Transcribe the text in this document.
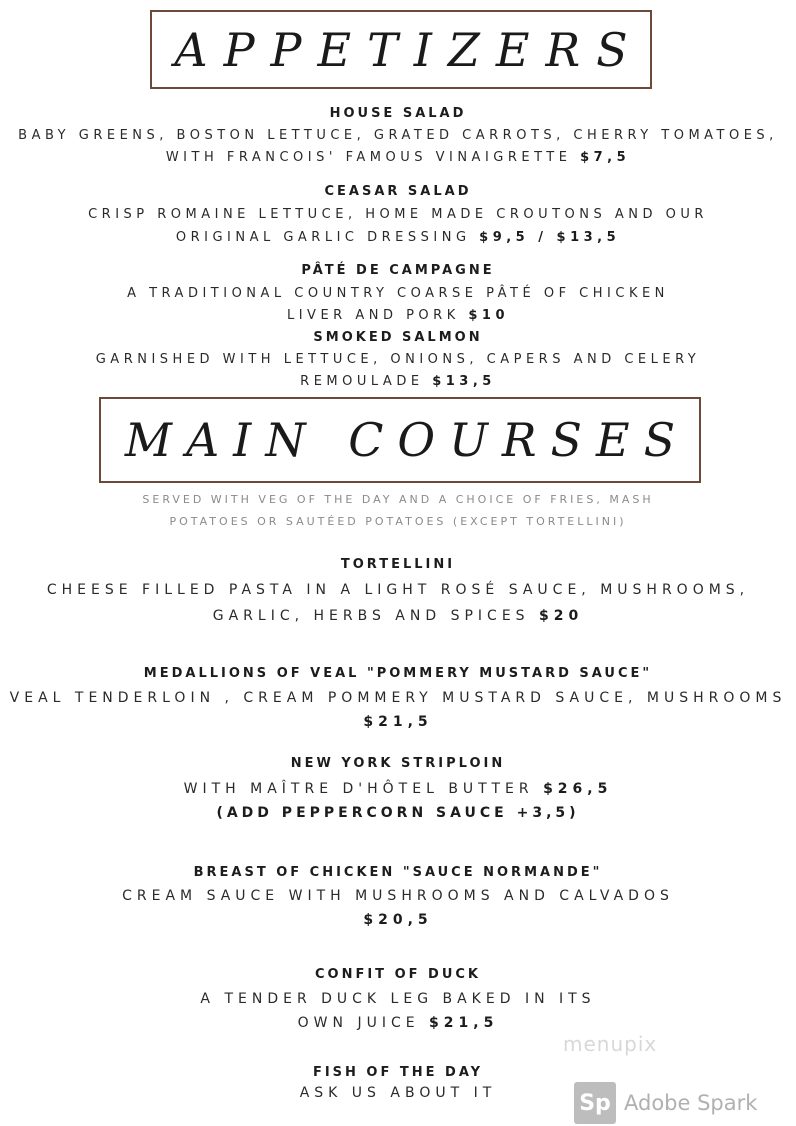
APPETIZERS
HOUSE SALAD
BABY GREENS, BOSTON LETTUCE, GRATED CARROTS, CHERRY TOMATOES,
WITH FRANCOIS' FAMOUS VINAIGRETTE $7,5
CEASAR SALAD
CRISP ROMAINE LETTUCE, HOME MADE CROUTONS AND OUR
ORIGINAL GARLIC DRESSING $9,5 / $13,5
PÂTÉ DE CAMPAGNE
A TRADITIONAL COUNTRY COARSE PÂTÉ OF CHICKEN
LIVER AND PORK $10
SMOKED SALMON
GARNISHED WITH LETTUCE, ONIONS, CAPERS AND CELERY
REMOULADE $13,5
MAIN COURSES
SERVED WITH VEG OF THE DAY AND A CHOICE OF FRIES, MASH
POTATOES OR SAUTÉED POTATOES (EXCEPT TORTELLINI)
TORTELLINI
CHEESE FILLED PASTA IN A LIGHT ROSÉ SAUCE, MUSHROOMS,
GARLIC, HERBS AND SPICES $20
MEDALLIONS OF VEAL "POMMERY MUSTARD SAUCE"
VEAL TENDERLOIN , CREAM POMMERY MUSTARD SAUCE, MUSHROOMS
$21,5
NEW YORK STRIPLOIN
WITH MAÎTRE D'HÔTEL BUTTER $26,5
(ADD PEPPERCORN SAUCE +3,5)
BREAST OF CHICKEN "SAUCE NORMANDE"
CREAM SAUCE WITH MUSHROOMS AND CALVADOS
$20,5
CONFIT OF DUCK
A TENDER DUCK LEG BAKED IN ITS
OWN JUICE $21,5
FISH OF THE DAY
ASK US ABOUT IT
menupix
Sp Adobe Spark
